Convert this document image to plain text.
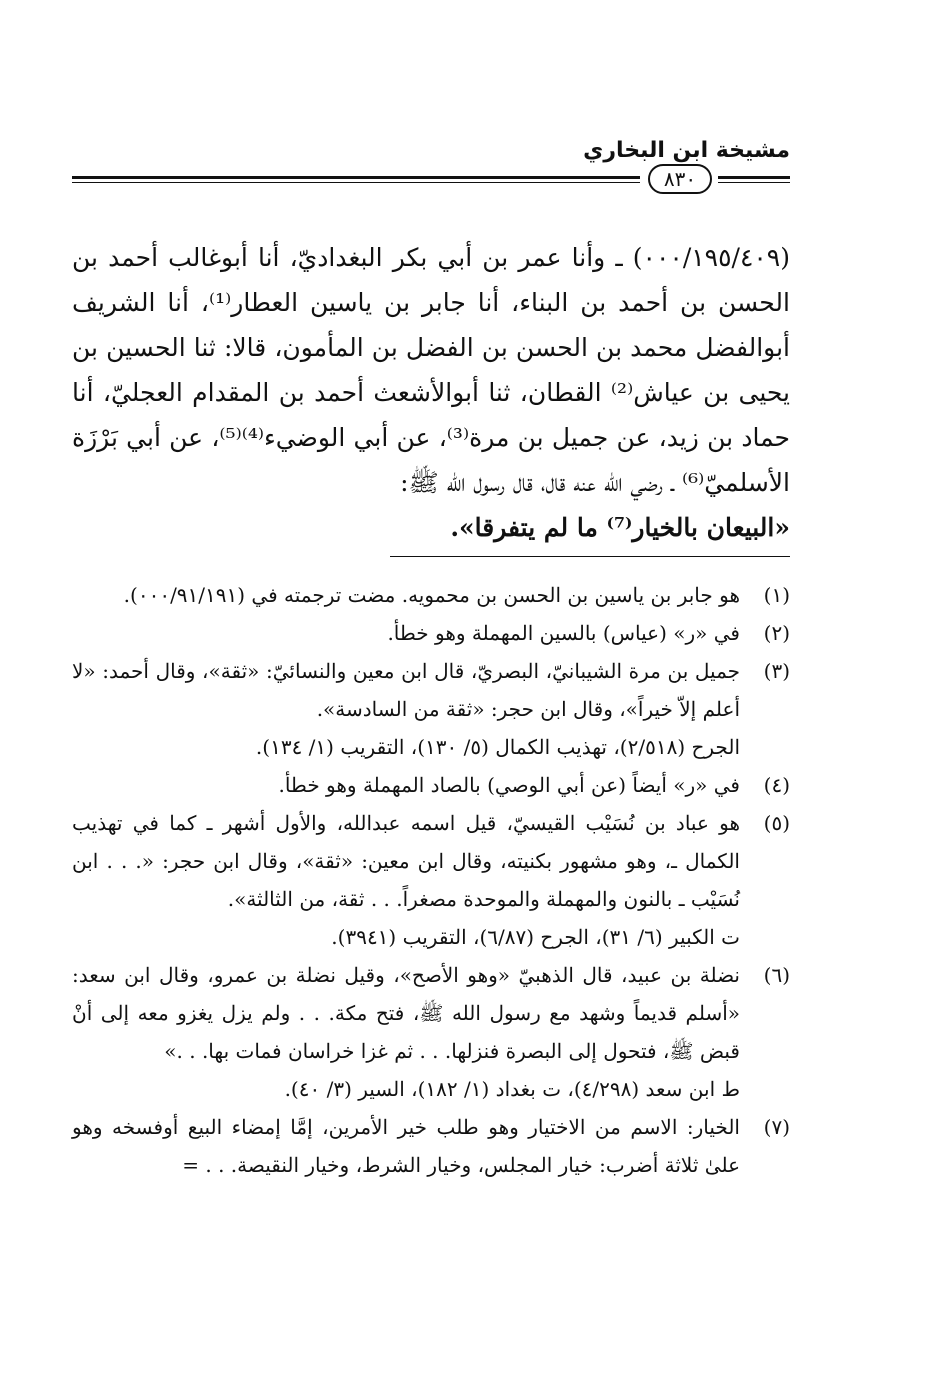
مشيخة ابن البخاري
٨٣٠

(٠٠٠/١٩٥/٤٠٩) ـ وأنا عمر بن أبي بكر البغداديّ، أنا أبوغالب أحمد بن الحسن بن أحمد بن البناء، أنا جابر بن ياسين العطار⁽¹⁾، أنا الشريف أبوالفضل محمد بن الحسن بن الفضل بن المأمون، قالا: ثنا الحسين بن يحيى بن عياش⁽²⁾ القطان، ثنا أبوالأشعث أحمد بن المقدام العجليّ، أنا حماد بن زيد، عن جميل بن مرة⁽³⁾، عن أبي الوضيء⁽⁴⁾⁽⁵⁾، عن أبي بَرْزَة الأسلميّ⁽⁶⁾ ـ رضي الله عنه قال، قال رسول الله ﷺ:

«البيعان بالخيار⁽⁷⁾ ما لم يتفرقا».

(١)
هو جابر بن ياسين بن الحسن بن محمويه. مضت ترجمته في (٠٠٠/٩١/١٩١).
(٢)
في «ر» (عياس) بالسين المهملة وهو خطأ.
(٣)
جميل بن مرة الشيبانيّ، البصريّ، قال ابن معين والنسائيّ: «ثقة»، وقال أحمد: «لا أعلم إلاّ خيراً»، وقال ابن حجر: «ثقة من السادسة».
الجرح (٢/٥١٨)، تهذيب الكمال (٥/ ١٣٠)، التقريب (١/ ١٣٤).
(٤)
في «ر» أيضاً (عن أبي الوصي) بالصاد المهملة وهو خطأ.
(٥)
هو عباد بن نُسَيْب القيسيّ، قيل اسمه عبدالله، والأول أشهر ـ كما في تهذيب الكمال ـ، وهو مشهور بكنيته، وقال ابن معين: «ثقة»، وقال ابن حجر: «. . . ابن نُسَيْب ـ بالنون والمهملة والموحدة مصغراً. . . ثقة، من الثالثة».
ت الكبير (٦/ ٣١)، الجرح (٦/٨٧)، التقريب (٣٩٤١).
(٦)
نضلة بن عبيد، قال الذهبيّ «وهو الأصح»، وقيل نضلة بن عمرو، وقال ابن سعد: «أسلم قديماً وشهد مع رسول الله ﷺ، فتح مكة. . . ولم يزل يغزو معه إلى أنْ قبض ﷺ، فتحول إلى البصرة فنزلها. . . ثم غزا خراسان فمات بها. . .»
ط ابن سعد (٤/٢٩٨)، ت بغداد (١/ ١٨٢)، السير (٣/ ٤٠).
(٧)
الخيار: الاسم من الاختيار وهو طلب خير الأمرين، إمَّا إمضاء البيع أوفسخه وهو علىٰ ثلاثة أضرب: خيار المجلس، وخيار الشرط، وخيار النقيصة. . . =
